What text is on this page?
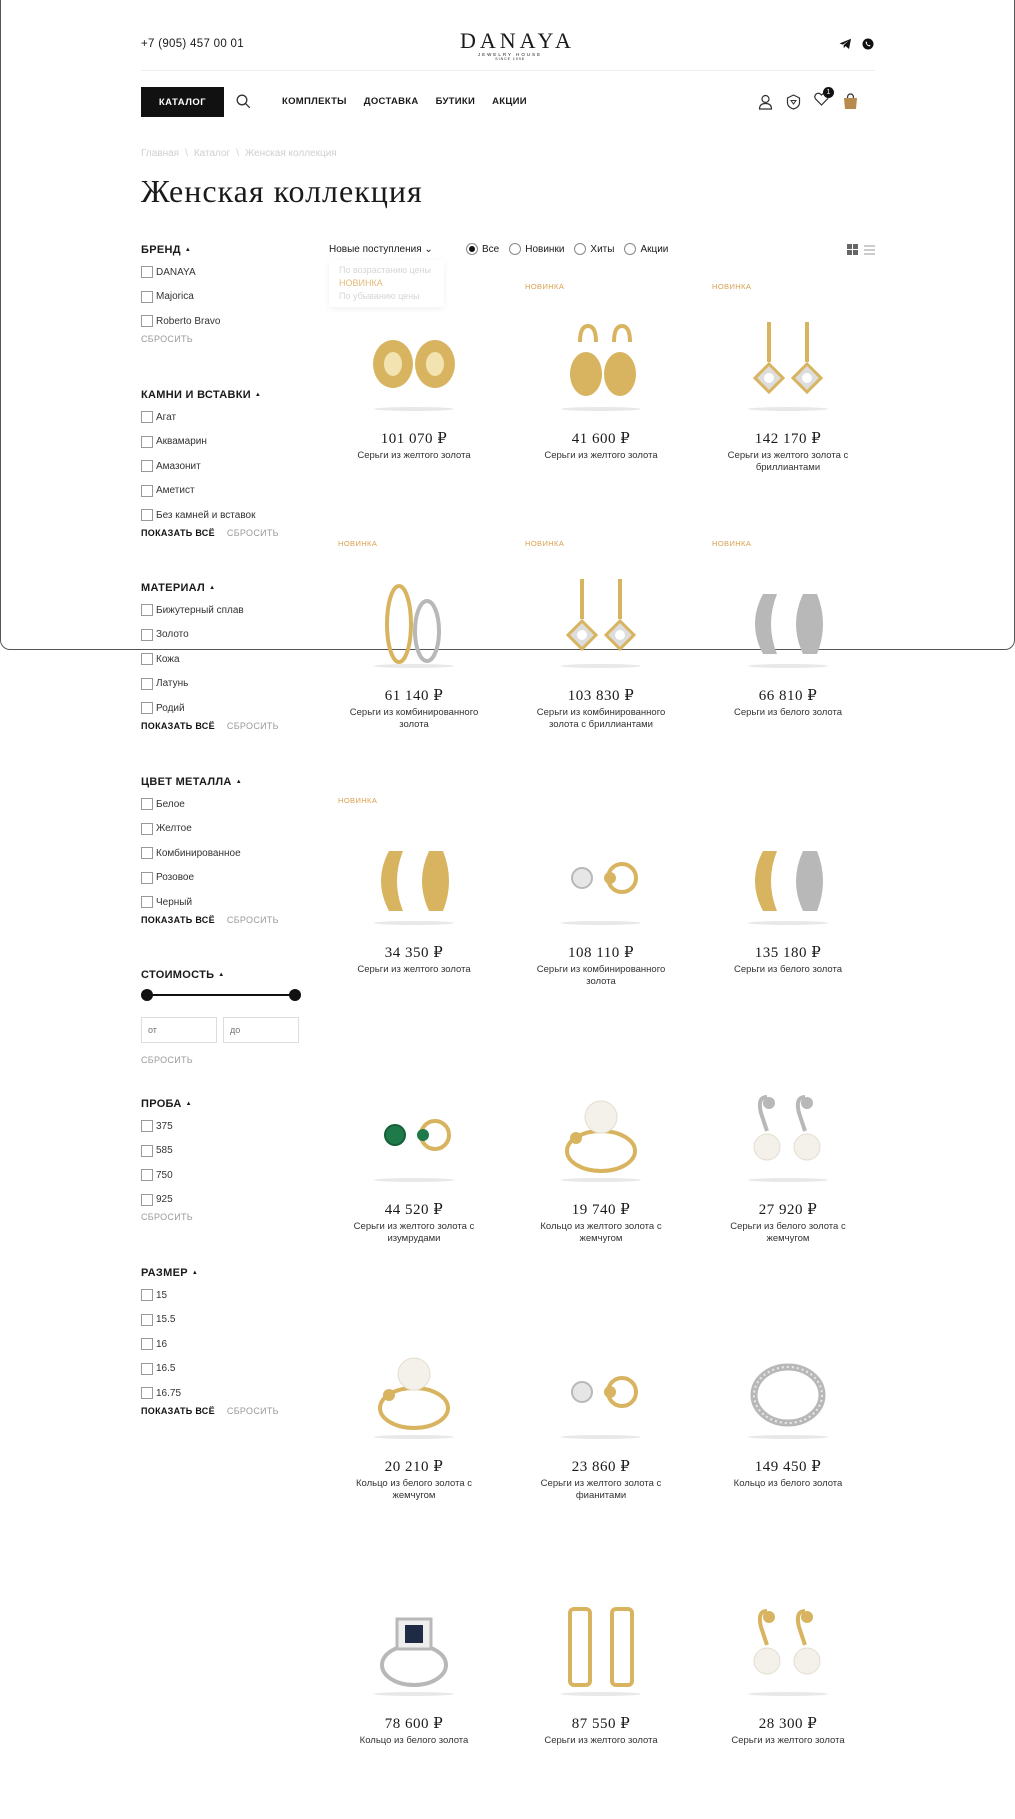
+7 (905) 457 00 01	DANAYA
JEWELRY HOUSE
SINCE 1998
КАТАЛОГ	КОМПЛЕКТЫ ДОСТАВКА БУТИКИ АКЦИИ
1
Главная \ Каталог \ Женская коллекция
Женская коллекция
БРЕНД ▲
DANAYA
Majorica
Roberto Bravo
СБРОСИТЬ
КАМНИ И ВСТАВКИ ▲
Агат
Аквамарин
Амазонит
Аметист
Без камней и вставок
ПОКАЗАТЬ ВСЁ СБРОСИТЬ
МАТЕРИАЛ ▲
Бижутерный сплав
Золото
Кожа
Латунь
Родий
ПОКАЗАТЬ ВСЁ СБРОСИТЬ
ЦВЕТ МЕТАЛЛА ▲
Белое
Желтое
Комбинированное
Розовое
Черный
ПОКАЗАТЬ ВСЁ СБРОСИТЬ
СТОИМОСТЬ ▲
от
до
СБРОСИТЬ
ПРОБА ▲
375
585
750
925
СБРОСИТЬ
РАЗМЕР ▲
15
15.5
16
16.5
16.75
ПОКАЗАТЬ ВСЁ СБРОСИТЬ
Новые поступления ⌄	Все	Новинки	Хиты	Акции
По возрастанию цены
НОВИНКА
По убыванию цены
101 070 ₽
Серьги из желтого золота
НОВИНКА
41 600 ₽
Серьги из желтого золота
НОВИНКА
142 170 ₽
Серьги из желтого золота с бриллиантами
НОВИНКА
61 140 ₽
Серьги из комбинированного золота
НОВИНКА
103 830 ₽
Серьги из комбинированного золота с бриллиантами
НОВИНКА
66 810 ₽
Серьги из белого золота
НОВИНКА
34 350 ₽
Серьги из желтого золота
108 110 ₽
Серьги из комбинированного золота
135 180 ₽
Серьги из белого золота
44 520 ₽
Серьги из желтого золота с изумрудами
19 740 ₽
Кольцо из желтого золота с жемчугом
27 920 ₽
Серьги из белого золота с жемчугом
20 210 ₽
Кольцо из белого золота с жемчугом
23 860 ₽
Серьги из желтого золота с фианитами
149 450 ₽
Кольцо из белого золота
78 600 ₽
Кольцо из белого золота
87 550 ₽
Серьги из желтого золота
28 300 ₽
Серьги из желтого золота
